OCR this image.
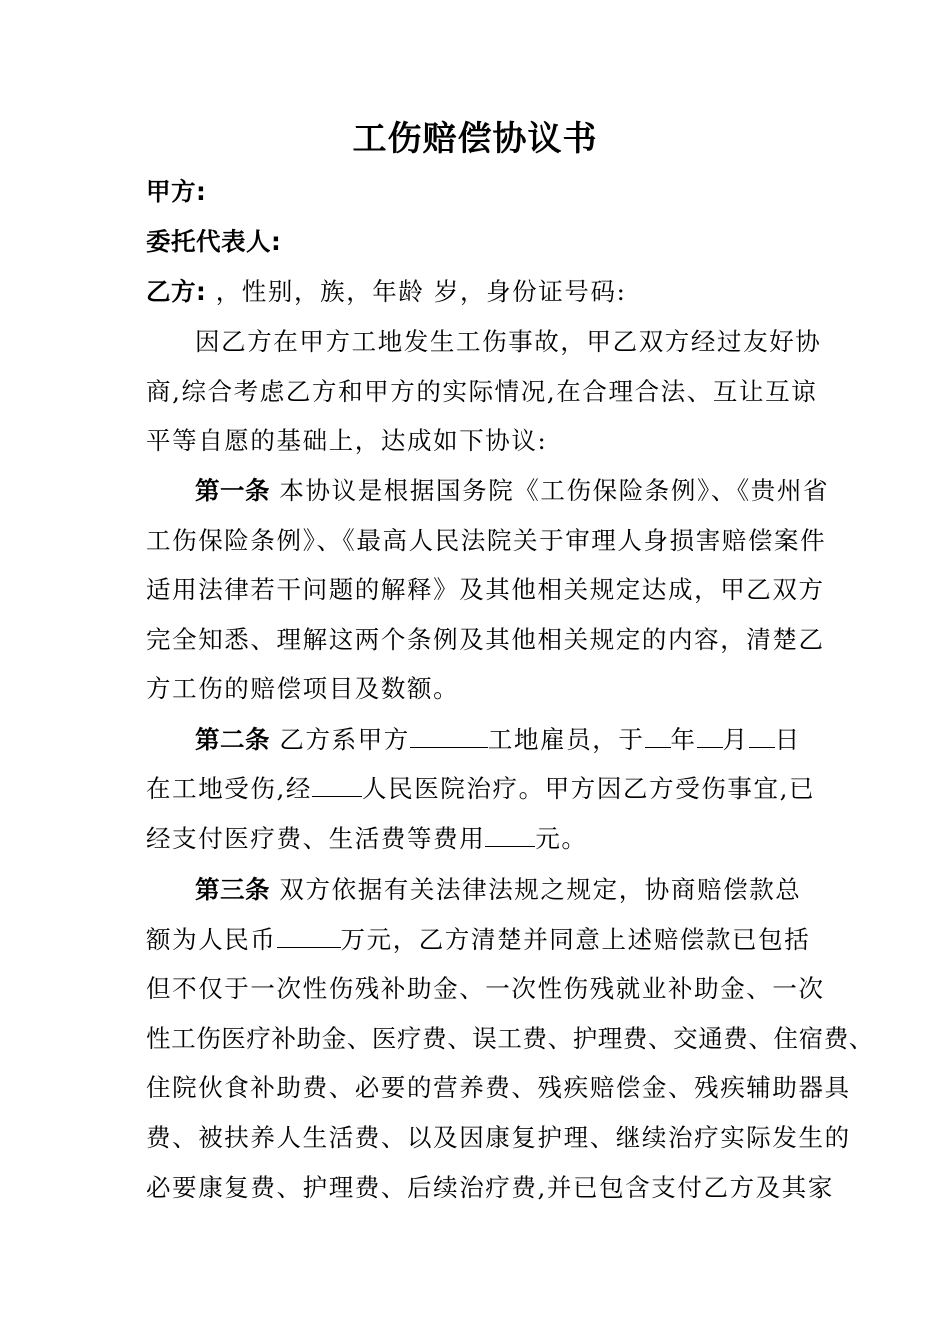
工伤赔偿协议书
甲方:
委托代表人:
乙方: ，性别，族，年龄 岁，身份证号码:
因乙方在甲方工地发生工伤事故，甲乙双方经过友好协
商,综合考虑乙方和甲方的实际情况,在合理合法、互让互谅
平等自愿的基础上，达成如下协议:
第一条 本协议是根据国务院《工伤保险条例》、《贵州省
工伤保险条例》、《最高人民法院关于审理人身损害赔偿案件
适用法律若干问题的解释》及其他相关规定达成，甲乙双方
完全知悉、理解这两个条例及其他相关规定的内容，清楚乙
方工伤的赔偿项目及数额。
第二条 乙方系甲方	工地雇员，于 年 月 日
在工地受伤,经 人民医院治疗。甲方因乙方受伤事宜,已
经支付医疗费、生活费等费用 元。
第三条 双方依据有关法律法规之规定，协商赔偿款总
额为人民币	万元，乙方清楚并同意上述赔偿款已包括
但不仅于一次性伤残补助金、一次性伤残就业补助金、一次
性工伤医疗补助金、医疗费、误工费、护理费、交通费、住宿费、
住院伙食补助费、必要的营养费、残疾赔偿金、残疾辅助器具
费、被扶养人生活费、以及因康复护理、继续治疗实际发生的
必要康复费、护理费、后续治疗费,并已包含支付乙方及其家
